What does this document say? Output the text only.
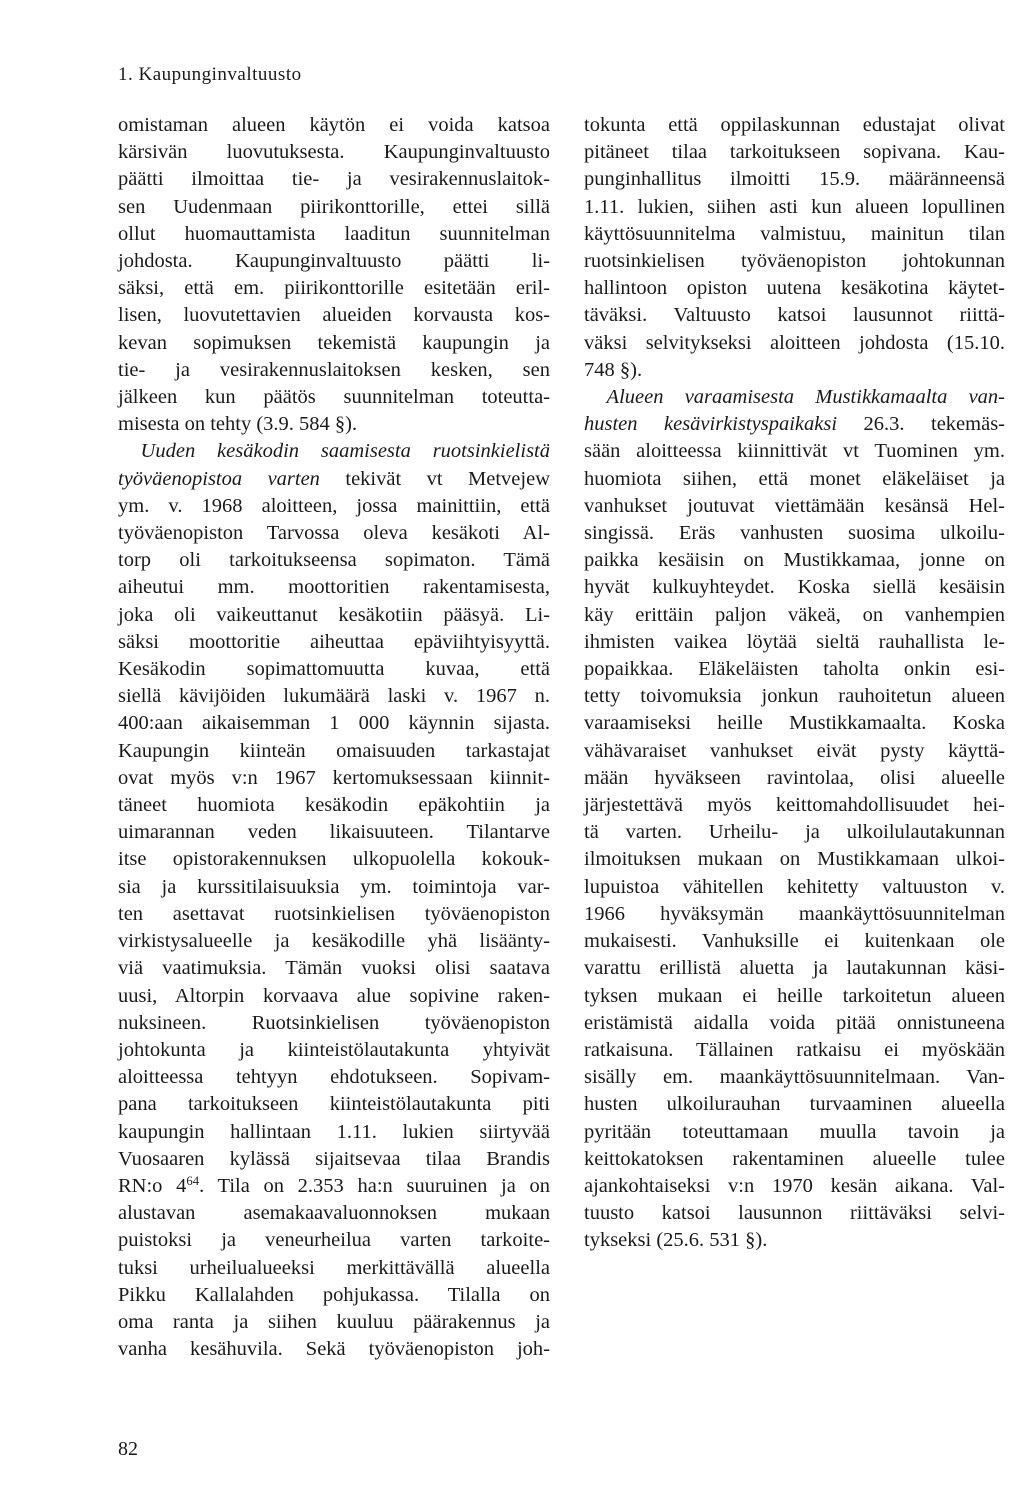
1. Kaupunginvaltuusto
omistaman alueen käytön ei voida katsoa
kärsivän luovutuksesta. Kaupunginvaltuusto
päätti ilmoittaa tie- ja vesirakennuslaitok-
sen Uudenmaan piirikonttorille, ettei sillä
ollut huomauttamista laaditun suunnitelman
johdosta. Kaupunginvaltuusto päätti li-
säksi, että em. piirikonttorille esitetään eril-
lisen, luovutettavien alueiden korvausta kos-
kevan sopimuksen tekemistä kaupungin ja
tie- ja vesirakennuslaitoksen kesken, sen
jälkeen kun päätös suunnitelman toteutta-
misesta on tehty (3.9. 584 §).
Uuden kesäkodin saamisesta ruotsinkielistä
työväenopistoa varten tekivät vt Metvejew
ym. v. 1968 aloitteen, jossa mainittiin, että
työväenopiston Tarvossa oleva kesäkoti Al-
torp oli tarkoitukseensa sopimaton. Tämä
aiheutui mm. moottoritien rakentamisesta,
joka oli vaikeuttanut kesäkotiin pääsyä. Li-
säksi moottoritie aiheuttaa epäviihtyisyyttä.
Kesäkodin sopimattomuutta kuvaa, että
siellä kävijöiden lukumäärä laski v. 1967 n.
400:aan aikaisemman 1 000 käynnin sijasta.
Kaupungin kiinteän omaisuuden tarkastajat
ovat myös v:n 1967 kertomuksessaan kiinnit-
täneet huomiota kesäkodin epäkohtiin ja
uimarannan veden likaisuuteen. Tilantarve
itse opistorakennuksen ulkopuolella kokouk-
sia ja kurssitilaisuuksia ym. toimintoja var-
ten asettavat ruotsinkielisen työväenopiston
virkistysalueelle ja kesäkodille yhä lisäänty-
viä vaatimuksia. Tämän vuoksi olisi saatava
uusi, Altorpin korvaava alue sopivine raken-
nuksineen. Ruotsinkielisen työväenopiston
johtokunta ja kiinteistölautakunta yhtyivät
aloitteessa tehtyyn ehdotukseen. Sopivam-
pana tarkoitukseen kiinteistölautakunta piti
kaupungin hallintaan 1.11. lukien siirtyvää
Vuosaaren kylässä sijaitsevaa tilaa Brandis
RN:o $4^{64}$. Tila on 2.353 ha:n suuruinen ja on
alustavan asemakaavaluonnoksen mukaan
puistoksi ja veneurheilua varten tarkoite-
tuksi urheilualueeksi merkittävällä alueella
Pikku Kallalahden pohjukassa. Tilalla on
oma ranta ja siihen kuuluu päärakennus ja
vanha kesähuvila. Sekä työväenopiston joh-
tokunta että oppilaskunnan edustajat olivat
pitäneet tilaa tarkoitukseen sopivana. Kau-
punginhallitus ilmoitti 15.9. määränneensä
1.11. lukien, siihen asti kun alueen lopullinen
käyttösuunnitelma valmistuu, mainitun tilan
ruotsinkielisen työväenopiston johtokunnan
hallintoon opiston uutena kesäkotina käytet-
täväksi. Valtuusto katsoi lausunnot riittä-
väksi selvitykseksi aloitteen johdosta (15.10.
748 §).
Alueen varaamisesta Mustikkamaalta van-
husten kesävirkistyspaikaksi 26.3. tekemäs-
sään aloitteessa kiinnittivät vt Tuominen ym.
huomiota siihen, että monet eläkeläiset ja
vanhukset joutuvat viettämään kesänsä Hel-
singissä. Eräs vanhusten suosima ulkoilu-
paikka kesäisin on Mustikkamaa, jonne on
hyvät kulkuyhteydet. Koska siellä kesäisin
käy erittäin paljon väkeä, on vanhempien
ihmisten vaikea löytää sieltä rauhallista le-
popaikkaa. Eläkeläisten taholta onkin esi-
tetty toivomuksia jonkun rauhoitetun alueen
varaamiseksi heille Mustikkamaalta. Koska
vähävaraiset vanhukset eivät pysty käyttä-
mään hyväkseen ravintolaa, olisi alueelle
järjestettävä myös keittomahdollisuudet hei-
tä varten. Urheilu- ja ulkoilulautakunnan
ilmoituksen mukaan on Mustikkamaan ulkoi-
lupuistoa vähitellen kehitetty valtuuston v.
1966 hyväksymän maankäyttösuunnitelman
mukaisesti. Vanhuksille ei kuitenkaan ole
varattu erillistä aluetta ja lautakunnan käsi-
tyksen mukaan ei heille tarkoitetun alueen
eristämistä aidalla voida pitää onnistuneena
ratkaisuna. Tällainen ratkaisu ei myöskään
sisälly em. maankäyttösuunnitelmaan. Van-
husten ulkoilurauhan turvaaminen alueella
pyritään toteuttamaan muulla tavoin ja
keittokatoksen rakentaminen alueelle tulee
ajankohtaiseksi v:n 1970 kesän aikana. Val-
tuusto katsoi lausunnon riittäväksi selvi-
tykseksi (25.6. 531 §).
82
